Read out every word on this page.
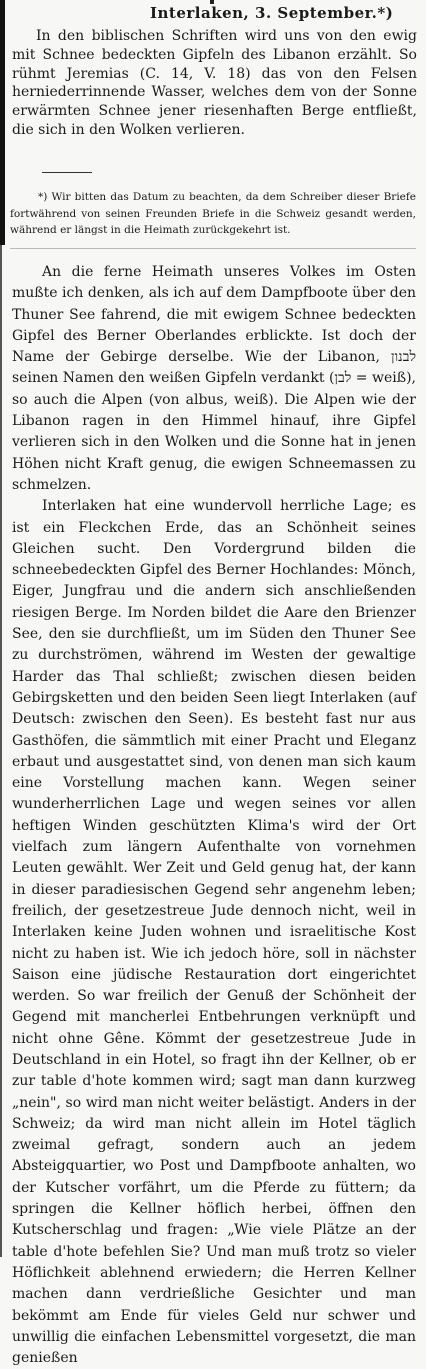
Interlaken, 3. September.*)

In den biblischen Schriften wird uns von den ewig mit Schnee bedeckten Gipfeln des Libanon erzählt. So rühmt Jeremias (C. 14, V. 18) das von den Felsen herniederrinnende Wasser, welches dem von der Sonne erwärmten Schnee jener riesenhaften Berge entfließt, die sich in den Wolken verlieren.

*) Wir bitten das Datum zu beachten, da dem Schreiber dieser Briefe fortwährend von seinen Freunden Briefe in die Schweiz gesandt werden, während er längst in die Heimath zurückgekehrt ist.

An die ferne Heimath unseres Volkes im Osten mußte ich denken, als ich auf dem Dampfboote über den Thuner See fahrend, die mit ewigem Schnee bedeckten Gipfel des Berner Oberlandes erblickte. Ist doch der Name der Gebirge derselbe. Wie der Libanon, לבנון seinen Namen den weißen Gipfeln verdankt (לבן = weiß), so auch die Alpen (von albus, weiß). Die Alpen wie der Libanon ragen in den Himmel hinauf, ihre Gipfel verlieren sich in den Wolken und die Sonne hat in jenen Höhen nicht Kraft genug, die ewigen Schneemassen zu schmelzen.

Interlaken hat eine wundervoll herrliche Lage; es ist ein Fleckchen Erde, das an Schönheit seines Gleichen sucht. Den Vordergrund bilden die schneebedeckten Gipfel des Berner Hochlandes: Mönch, Eiger, Jungfrau und die andern sich anschließenden riesigen Berge. Im Norden bildet die Aare den Brienzer See, den sie durchfließt, um im Süden den Thuner See zu durchströmen, während im Westen der gewaltige Harder das Thal schließt; zwischen diesen beiden Gebirgsketten und den beiden Seen liegt Interlaken (auf Deutsch: zwischen den Seen). Es besteht fast nur aus Gasthöfen, die sämmtlich mit einer Pracht und Eleganz erbaut und ausgestattet sind, von denen man sich kaum eine Vorstellung machen kann. Wegen seiner wunderherrlichen Lage und wegen seines vor allen heftigen Winden geschützten Klima's wird der Ort vielfach zum längern Aufenthalte von vornehmen Leuten gewählt. Wer Zeit und Geld genug hat, der kann in dieser paradiesischen Gegend sehr angenehm leben; freilich, der gesetzestreue Jude dennoch nicht, weil in Interlaken keine Juden wohnen und israelitische Kost nicht zu haben ist. Wie ich jedoch höre, soll in nächster Saison eine jüdische Restauration dort eingerichtet werden. So war freilich der Genuß der Schönheit der Gegend mit mancherlei Entbehrungen verknüpft und nicht ohne Gêne. Kömmt der gesetzestreue Jude in Deutschland in ein Hotel, so fragt ihn der Kellner, ob er zur table d'hote kommen wird; sagt man dann kurzweg „nein", so wird man nicht weiter belästigt. Anders in der Schweiz; da wird man nicht allein im Hotel täglich zweimal gefragt, sondern auch an jedem Absteigquartier, wo Post und Dampfboote anhalten, wo der Kutscher vorfährt, um die Pferde zu füttern; da springen die Kellner höflich herbei, öffnen den Kutscherschlag und fragen: „Wie viele Plätze an der table d'hote befehlen Sie? Und man muß trotz so vieler Höflichkeit ablehnend erwiedern; die Herren Kellner machen dann verdrießliche Gesichter und man bekömmt am Ende für vieles Geld nur schwer und unwillig die einfachen Lebensmittel vorgesetzt, die man genießen
